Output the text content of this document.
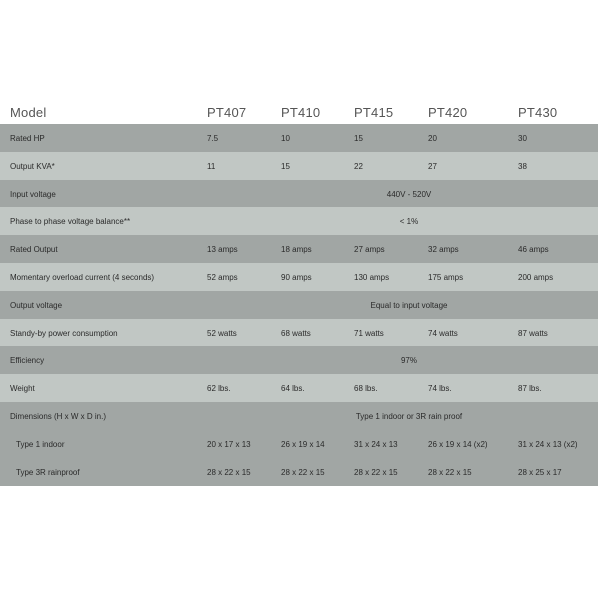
Model	PT407	PT410	PT415	PT420	PT430
Rated HP	7.5	10	15	20	30
Output KVA*	11	15	22	27	38
Input voltage	440V - 520V
Phase to phase voltage balance**	< 1%
Rated Output	13 amps	18 amps	27 amps	32 amps	46 amps
Momentary overload current (4 seconds)	52 amps	90 amps	130 amps	175 amps	200 amps
Output voltage	Equal to input voltage
Standy-by power consumption	52 watts	68 watts	71 watts	74 watts	87 watts
Efficiency	97%
Weight	62 lbs.	64 lbs.	68 lbs.	74 lbs.	87 lbs.
Dimensions (H x W x D in.)	Type 1 indoor or 3R rain proof
Type 1 indoor	20 x 17 x 13	26 x 19 x 14	31 x 24 x 13	26 x 19 x 14 (x2)	31 x 24 x 13 (x2)
Type 3R rainproof	28 x 22 x 15	28 x 22 x 15	28 x 22 x 15	28 x 22 x 15	28 x 25 x 17
